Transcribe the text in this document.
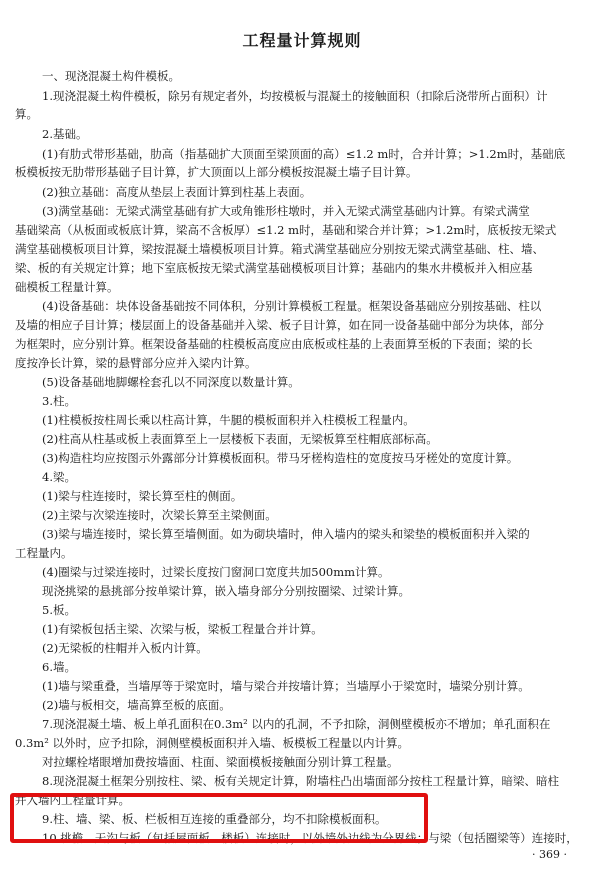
工程量计算规则
一、现浇混凝土构件模板。
1.现浇混凝土构件模板，除另有规定者外，均按模板与混凝土的接触面积（扣除后浇带所占面积）计
算。
2.基础。
(1)有肋式带形基础，肋高（指基础扩大顶面至梁顶面的高）≤1.2 m时，合并计算；>1.2m时，基础底
板模板按无肋带形基础子目计算，扩大顶面以上部分模板按混凝土墙子目计算。
(2)独立基础：高度从垫层上表面计算到柱基上表面。
(3)满堂基础：无梁式满堂基础有扩大或角锥形柱墩时，并入无梁式满堂基础内计算。有梁式满堂
基础梁高（从板面或板底计算，梁高不含板厚）≤1.2 m时，基础和梁合并计算；>1.2m时，底板按无梁式
满堂基础模板项目计算，梁按混凝土墙模板项目计算。箱式满堂基础应分别按无梁式满堂基础、柱、墙、
梁、板的有关规定计算；地下室底板按无梁式满堂基础模板项目计算；基础内的集水井模板并入相应基
础模板工程量计算。
(4)设备基础：块体设备基础按不同体积，分别计算模板工程量。框架设备基础应分别按基础、柱以
及墙的相应子目计算；楼层面上的设备基础并入梁、板子目计算，如在同一设备基础中部分为块体，部分
为框架时，应分别计算。框架设备基础的柱模板高度应由底板或柱基的上表面算至板的下表面；梁的长
度按净长计算，梁的悬臂部分应并入梁内计算。
(5)设备基础地脚螺栓套孔以不同深度以数量计算。
3.柱。
(1)柱模板按柱周长乘以柱高计算，牛腿的模板面积并入柱模板工程量内。
(2)柱高从柱基或板上表面算至上一层楼板下表面，无梁板算至柱帽底部标高。
(3)构造柱均应按图示外露部分计算模板面积。带马牙槎构造柱的宽度按马牙槎处的宽度计算。
4.梁。
(1)梁与柱连接时，梁长算至柱的侧面。
(2)主梁与次梁连接时，次梁长算至主梁侧面。
(3)梁与墙连接时，梁长算至墙侧面。如为砌块墙时，伸入墙内的梁头和梁垫的模板面积并入梁的
工程量内。
(4)圈梁与过梁连接时，过梁长度按门窗洞口宽度共加500mm计算。
现浇挑梁的悬挑部分按单梁计算，嵌入墙身部分分别按圈梁、过梁计算。
5.板。
(1)有梁板包括主梁、次梁与板，梁板工程量合并计算。
(2)无梁板的柱帽并入板内计算。
6.墙。
(1)墙与梁重叠，当墙厚等于梁宽时，墙与梁合并按墙计算；当墙厚小于梁宽时，墙梁分别计算。
(2)墙与板相交，墙高算至板的底面。
7.现浇混凝土墙、板上单孔面积在0.3m² 以内的孔洞，不予扣除，洞侧壁模板亦不增加；单孔面积在
0.3m² 以外时，应予扣除，洞侧壁模板面积并入墙、板模板工程量以内计算。
对拉螺栓堵眼增加费按墙面、柱面、梁面模板接触面分别计算工程量。
8.现浇混凝土框架分别按柱、梁、板有关规定计算，附墙柱凸出墙面部分按柱工程量计算，暗梁、暗柱
并入墙内工程量计算。
9.柱、墙、梁、板、栏板相互连接的重叠部分，均不扣除模板面积。
10.挑檐、天沟与板（包括屋面板、楼板）连接时，以外墙外边线为分界线；与梁（包括圈梁等）连接时，
· 369 ·
